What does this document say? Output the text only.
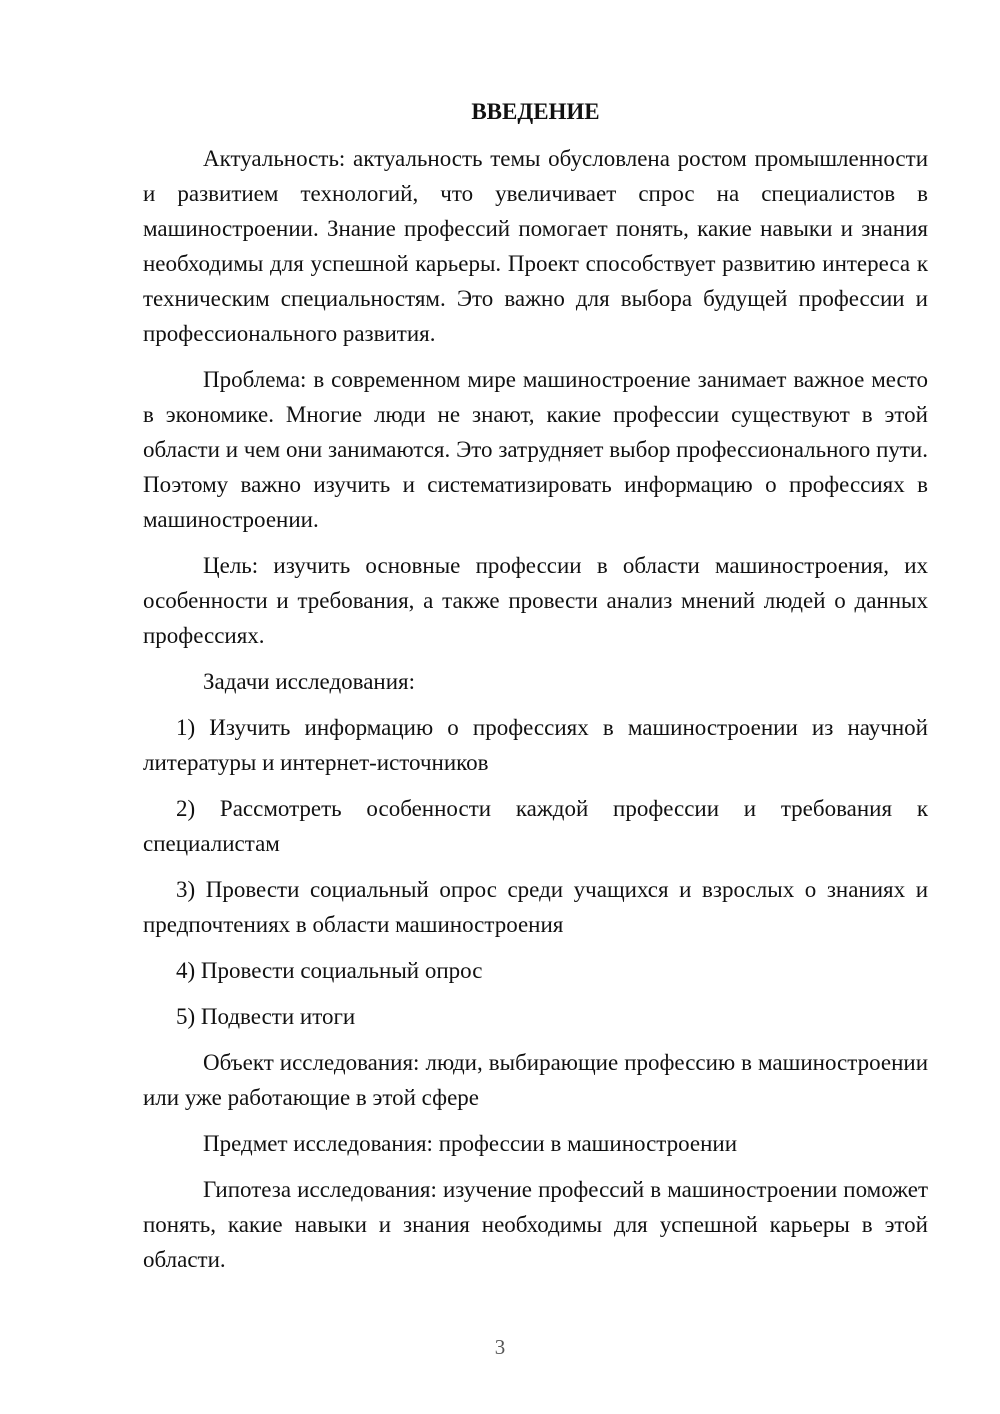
ВВЕДЕНИЕ

Актуальность: актуальность темы обусловлена ростом промышленности и развитием технологий, что увеличивает спрос на специалистов в машиностроении. Знание профессий помогает понять, какие навыки и знания необходимы для успешной карьеры. Проект способствует развитию интереса к техническим специальностям. Это важно для выбора будущей профессии и профессионального развития.

Проблема: в современном мире машиностроение занимает важное место в экономике. Многие люди не знают, какие профессии существуют в этой области и чем они занимаются. Это затрудняет выбор профессионального пути. Поэтому важно изучить и систематизировать информацию о профессиях в машиностроении.

Цель: изучить основные профессии в области машиностроения, их особенности и требования, а также провести анализ мнений людей о данных профессиях.

Задачи исследования:

1) Изучить информацию о профессиях в машиностроении из научной литературы и интернет-источников

2) Рассмотреть особенности каждой профессии и требования к специалистам

3) Провести социальный опрос среди учащихся и взрослых о знаниях и предпочтениях в области машиностроения

4) Провести социальный опрос

5) Подвести итоги

Объект исследования: люди, выбирающие профессию в машиностроении или уже работающие в этой сфере

Предмет исследования: профессии в машиностроении

Гипотеза исследования: изучение профессий в машиностроении поможет понять, какие навыки и знания необходимы для успешной карьеры в этой области.

3
